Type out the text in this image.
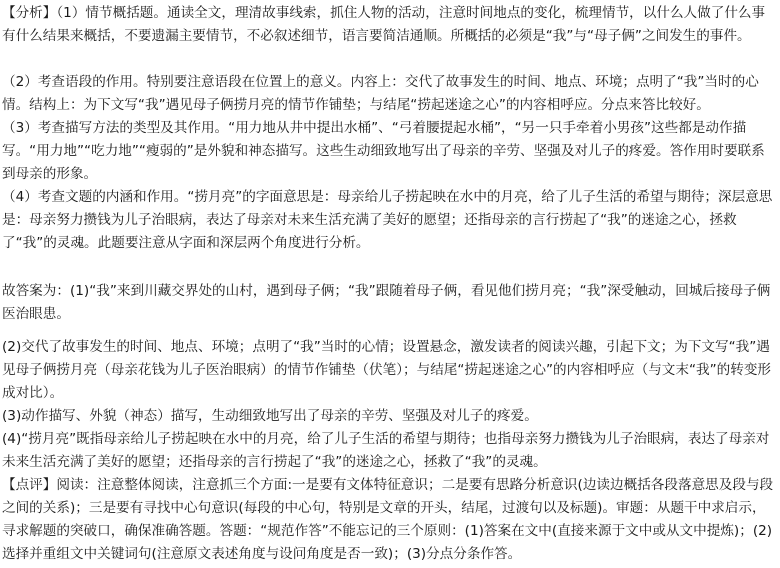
【分析】（1）情节概括题。通读全文，理清故事线索，抓住人物的活动，注意时间地点的变化，梳理情节，以什么人做了什么事有什么结果来概括，不要遗漏主要情节，不必叙述细节，语言要简洁通顺。所概括的必须是“我”与“母子俩”之间发生的事件。

（2）考查语段的作用。特别要注意语段在位置上的意义。内容上：交代了故事发生的时间、地点、环境；点明了“我”当时的心情。结构上：为下文写“我”遇见母子俩捞月亮的情节作铺垫；与结尾“捞起迷途之心”的内容相呼应。分点来答比较好。

（3）考查描写方法的类型及其作用。“用力地从井中提出水桶”、“弓着腰提起水桶”，“另一只手牵着小男孩”这些都是动作描写。“用力地”“吃力地”“瘦弱的”是外貌和神态描写。这些生动细致地写出了母亲的辛劳、坚强及对儿子的疼爱。答作用时要联系到母亲的形象。

（4）考查文题的内涵和作用。“捞月亮”的字面意思是：母亲给儿子捞起映在水中的月亮，给了儿子生活的希望与期待；深层意思是：母亲努力攒钱为儿子治眼病，表达了母亲对未来生活充满了美好的愿望；还指母亲的言行捞起了“我”的迷途之心，拯救了“我”的灵魂。此题要注意从字面和深层两个角度进行分析。

故答案为：(1)“我”来到川藏交界处的山村，遇到母子俩；“我”跟随着母子俩，看见他们捞月亮；“我”深受触动，回城后接母子俩医治眼患。

(2)交代了故事发生的时间、地点、环境；点明了“我”当时的心情；设置悬念，激发读者的阅读兴趣，引起下文；为下文写“我”遇见母子俩捞月亮（母亲花钱为儿子医治眼病）的情节作铺垫（伏笔）；与结尾“捞起迷途之心”的内容相呼应（与文末“我”的转变形成对比）。

(3)动作描写、外貌（神态）描写，生动细致地写出了母亲的辛劳、坚强及对儿子的疼爱。

(4)“捞月亮”既指母亲给儿子捞起映在水中的月亮，给了儿子生活的希望与期待；也指母亲努力攒钱为儿子治眼病，表达了母亲对未来生活充满了美好的愿望；还指母亲的言行捞起了“我”的迷途之心，拯救了“我”的灵魂。

【点评】阅读：注意整体阅读，注意抓三个方面:一是要有文体特征意识；二是要有思路分析意识(边读边概括各段落意思及段与段之间的关系)；三是要有寻找中心句意识(每段的中心句，特别是文章的开头，结尾，过渡句以及标题)。审题：从题干中求启示，寻求解题的突破口，确保准确答题。答题：“规范作答”不能忘记的三个原则：(1)答案在文中(直接来源于文中或从文中提炼)；(2)选择并重组文中关键词句(注意原文表述角度与设问角度是否一致)；(3)分点分条作答。
